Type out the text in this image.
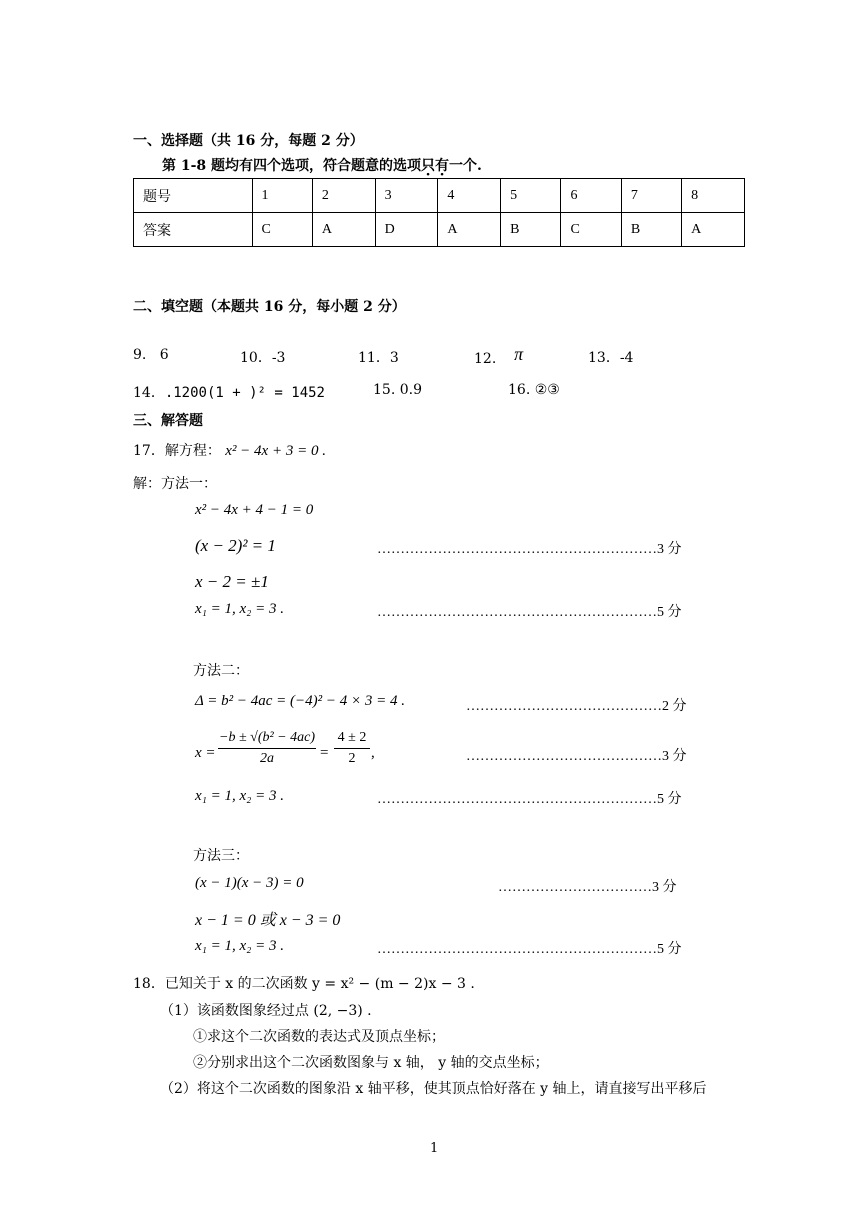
一、选择题（共 16 分，每题 2 分）
第 1-8 题均有四个选项，符合题意的选项只有一个.
题号	1	2	3	4	5	6	7	8
答案	C	A	D	A	B	C	B	A
二、填空题（本题共 16 分，每小题 2 分）
9. 6	10．-3	11．3	12. π	13．-4
14．.1200(1 + )² = 1452	15. 0.9	16. ②③
三、解答题
17．解方程： x² − 4x + 3 = 0 .
解：方法一：
x² − 4x + 4 − 1 = 0
(x − 2)² = 1	……………………………………………………3 分
x − 2 = ±1
x₁ = 1, x₂ = 3 .	……………………………………………………5 分
方法二：
Δ = b² − 4ac = (−4)² − 4 × 3 = 4 .	……………………………………2 分
$x = \frac{\text{−b ± √(b² − 4ac)}}{2a} = \frac{4 \pm 2}{2}$ ,	……………………………………3 分
x₁ = 1, x₂ = 3 .	……………………………………………………5 分
方法三：
(x − 1)(x − 3) = 0	……………………………3 分
x − 1 = 0 或 x − 3 = 0
x₁ = 1, x₂ = 3 .	……………………………………………………5 分
18．已知关于 x 的二次函数 y = x² − (m − 2)x − 3 .
（1）该函数图象经过点 (2, −3) .
①求这个二次函数的表达式及顶点坐标；
②分别求出这个二次函数图象与 x 轴， y 轴的交点坐标；
（2）将这个二次函数的图象沿 x 轴平移，使其顶点恰好落在 y 轴上，请直接写出平移后
1
